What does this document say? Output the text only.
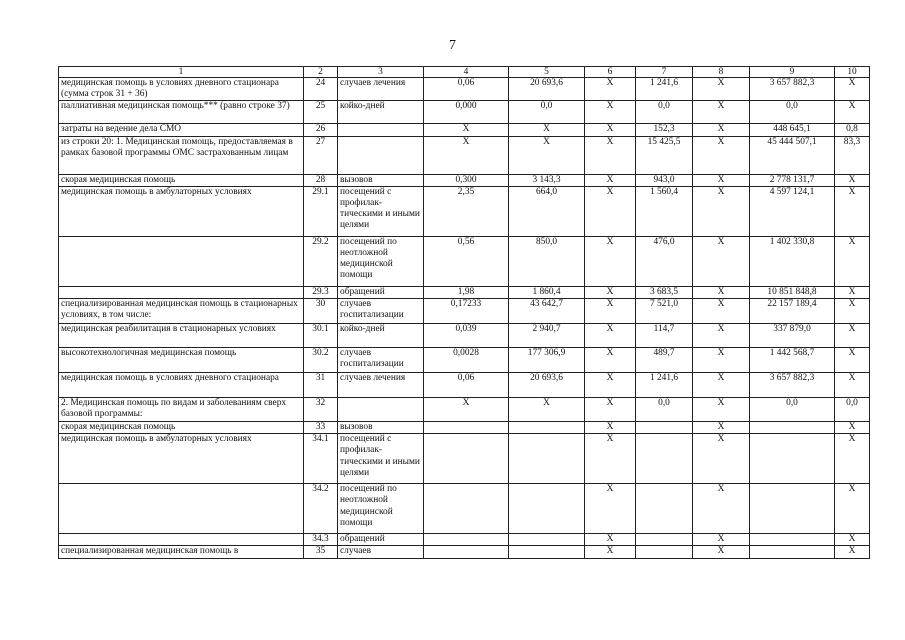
7
1	2	3	4	5	6	7	8	9	10
медицинская помощь в условиях дневного стационара (сумма строк 31 + 36)	24	случаев лечения	0,06	20 693,6	X	1 241,6	X	3 657 882,3	X
паллиативная медицинская помощь*** (равно строке 37)	25	койко-дней	0,000	0,0	X	0,0	X	0,0	X
затраты на ведение дела СМО	26		X	X	X	152,3	X	448 645,1	0,8
из строки 20: 1. Медицинская помощь, предоставляемая в рамках базовой программы ОМС застрахованным лицам	27		X	X	X	15 425,5	X	45 444 507,1	83,3
скорая медицинская помощь	28	вызовов	0,300	3 143,3	X	943,0	X	2 778 131,7	X
медицинская помощь в амбулаторных условиях	29.1	посещений с профилак-тическими и иными целями	2,35	664,0	X	1 560,4	X	4 597 124,1	X
	29.2	посещений по неотложной медицинской помощи	0,56	850,0	X	476,0	X	1 402 330,8	X
	29.3	обращений	1,98	1 860,4	X	3 683,5	X	10 851 848,8	X
специализированная медицинская помощь в стационарных условиях, в том числе:	30	случаев госпитализации	0,17233	43 642,7	X	7 521,0	X	22 157 189,4	X
медицинская реабилитация в стационарных условиях	30.1	койко-дней	0,039	2 940,7	X	114,7	X	337 879,0	X
высокотехнологичная медицинская помощь	30.2	случаев госпитализации	0,0028	177 306,9	X	489,7	X	1 442 568,7	X
медицинская помощь в условиях дневного стационара	31	случаев лечения	0,06	20 693,6	X	1 241,6	X	3 657 882,3	X
2. Медицинская помощь по видам и заболеваниям сверх базовой программы:	32		X	X	X	0,0	X	0,0	0,0
скорая медицинская помощь	33	вызовов			X		X		X
медицинская помощь в амбулаторных условиях	34.1	посещений с профилак-тическими и иными целями			X		X		X
	34.2	посещений по неотложной медицинской помощи			X		X		X
	34.3	обращений			X		X		X
специализированная медицинская помощь в	35	случаев			X		X		X
